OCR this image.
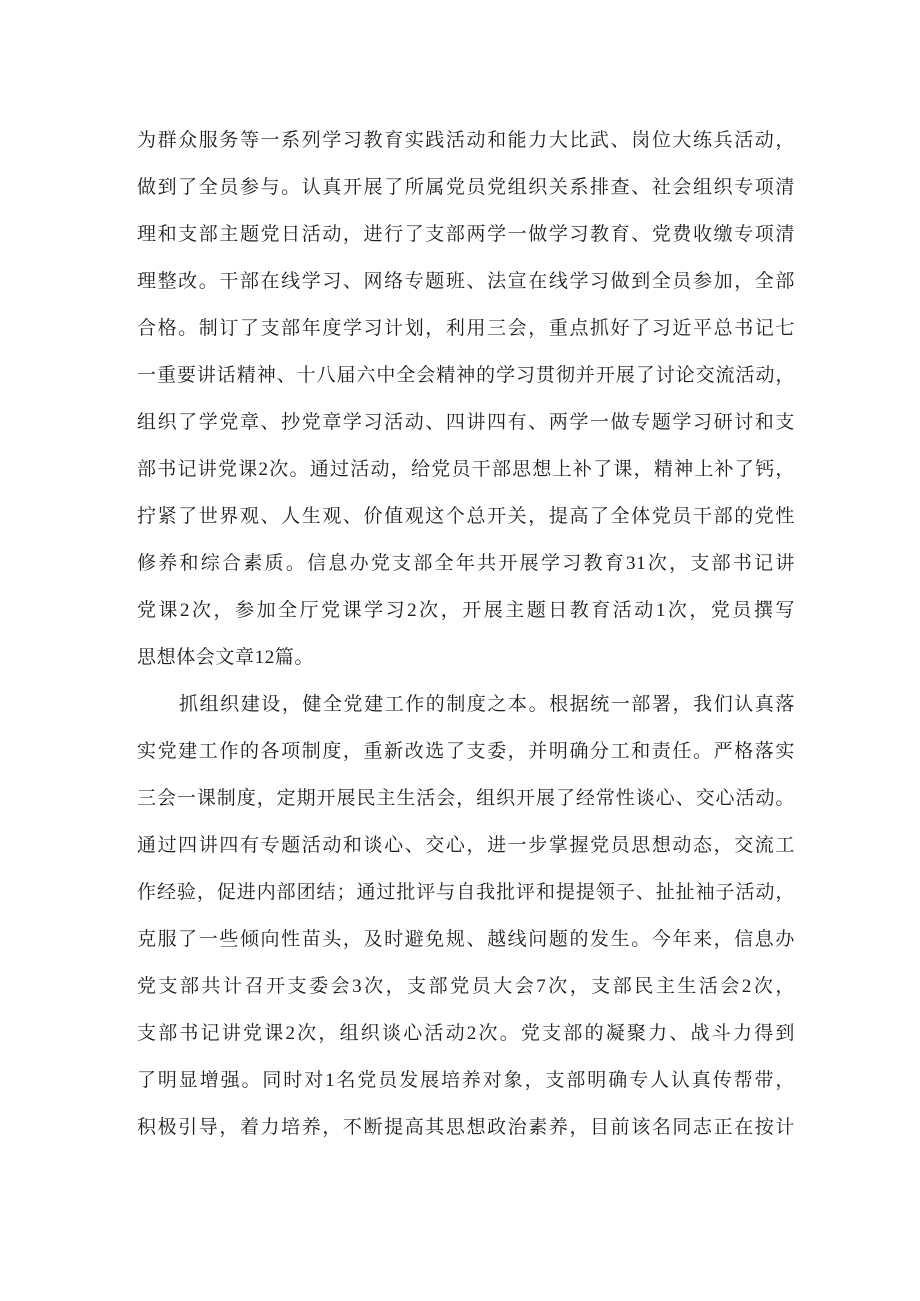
为群众服务等一系列学习教育实践活动和能力大比武、岗位大练兵活动，
做到了全员参与。认真开展了所属党员党组织关系排查、社会组织专项清
理和支部主题党日活动，进行了支部两学一做学习教育、党费收缴专项清
理整改。干部在线学习、网络专题班、法宣在线学习做到全员参加，全部
合格。制订了支部年度学习计划，利用三会，重点抓好了习近平总书记七
一重要讲话精神、十八届六中全会精神的学习贯彻并开展了讨论交流活动，
组织了学党章、抄党章学习活动、四讲四有、两学一做专题学习研讨和支
部书记讲党课2次。通过活动，给党员干部思想上补了课，精神上补了钙，
拧紧了世界观、人生观、价值观这个总开关，提高了全体党员干部的党性
修养和综合素质。信息办党支部全年共开展学习教育31次，支部书记讲
党课2次，参加全厅党课学习2次，开展主题日教育活动1次，党员撰写
思想体会文章12篇。
抓组织建设，健全党建工作的制度之本。根据统一部署，我们认真落
实党建工作的各项制度，重新改选了支委，并明确分工和责任。严格落实
三会一课制度，定期开展民主生活会，组织开展了经常性谈心、交心活动。
通过四讲四有专题活动和谈心、交心，进一步掌握党员思想动态，交流工
作经验，促进内部团结；通过批评与自我批评和提提领子、扯扯袖子活动，
克服了一些倾向性苗头，及时避免规、越线问题的发生。今年来，信息办
党支部共计召开支委会3次，支部党员大会7次，支部民主生活会2次，
支部书记讲党课2次，组织谈心活动2次。党支部的凝聚力、战斗力得到
了明显增强。同时对1名党员发展培养对象，支部明确专人认真传帮带，
积极引导，着力培养，不断提高其思想政治素养，目前该名同志正在按计
